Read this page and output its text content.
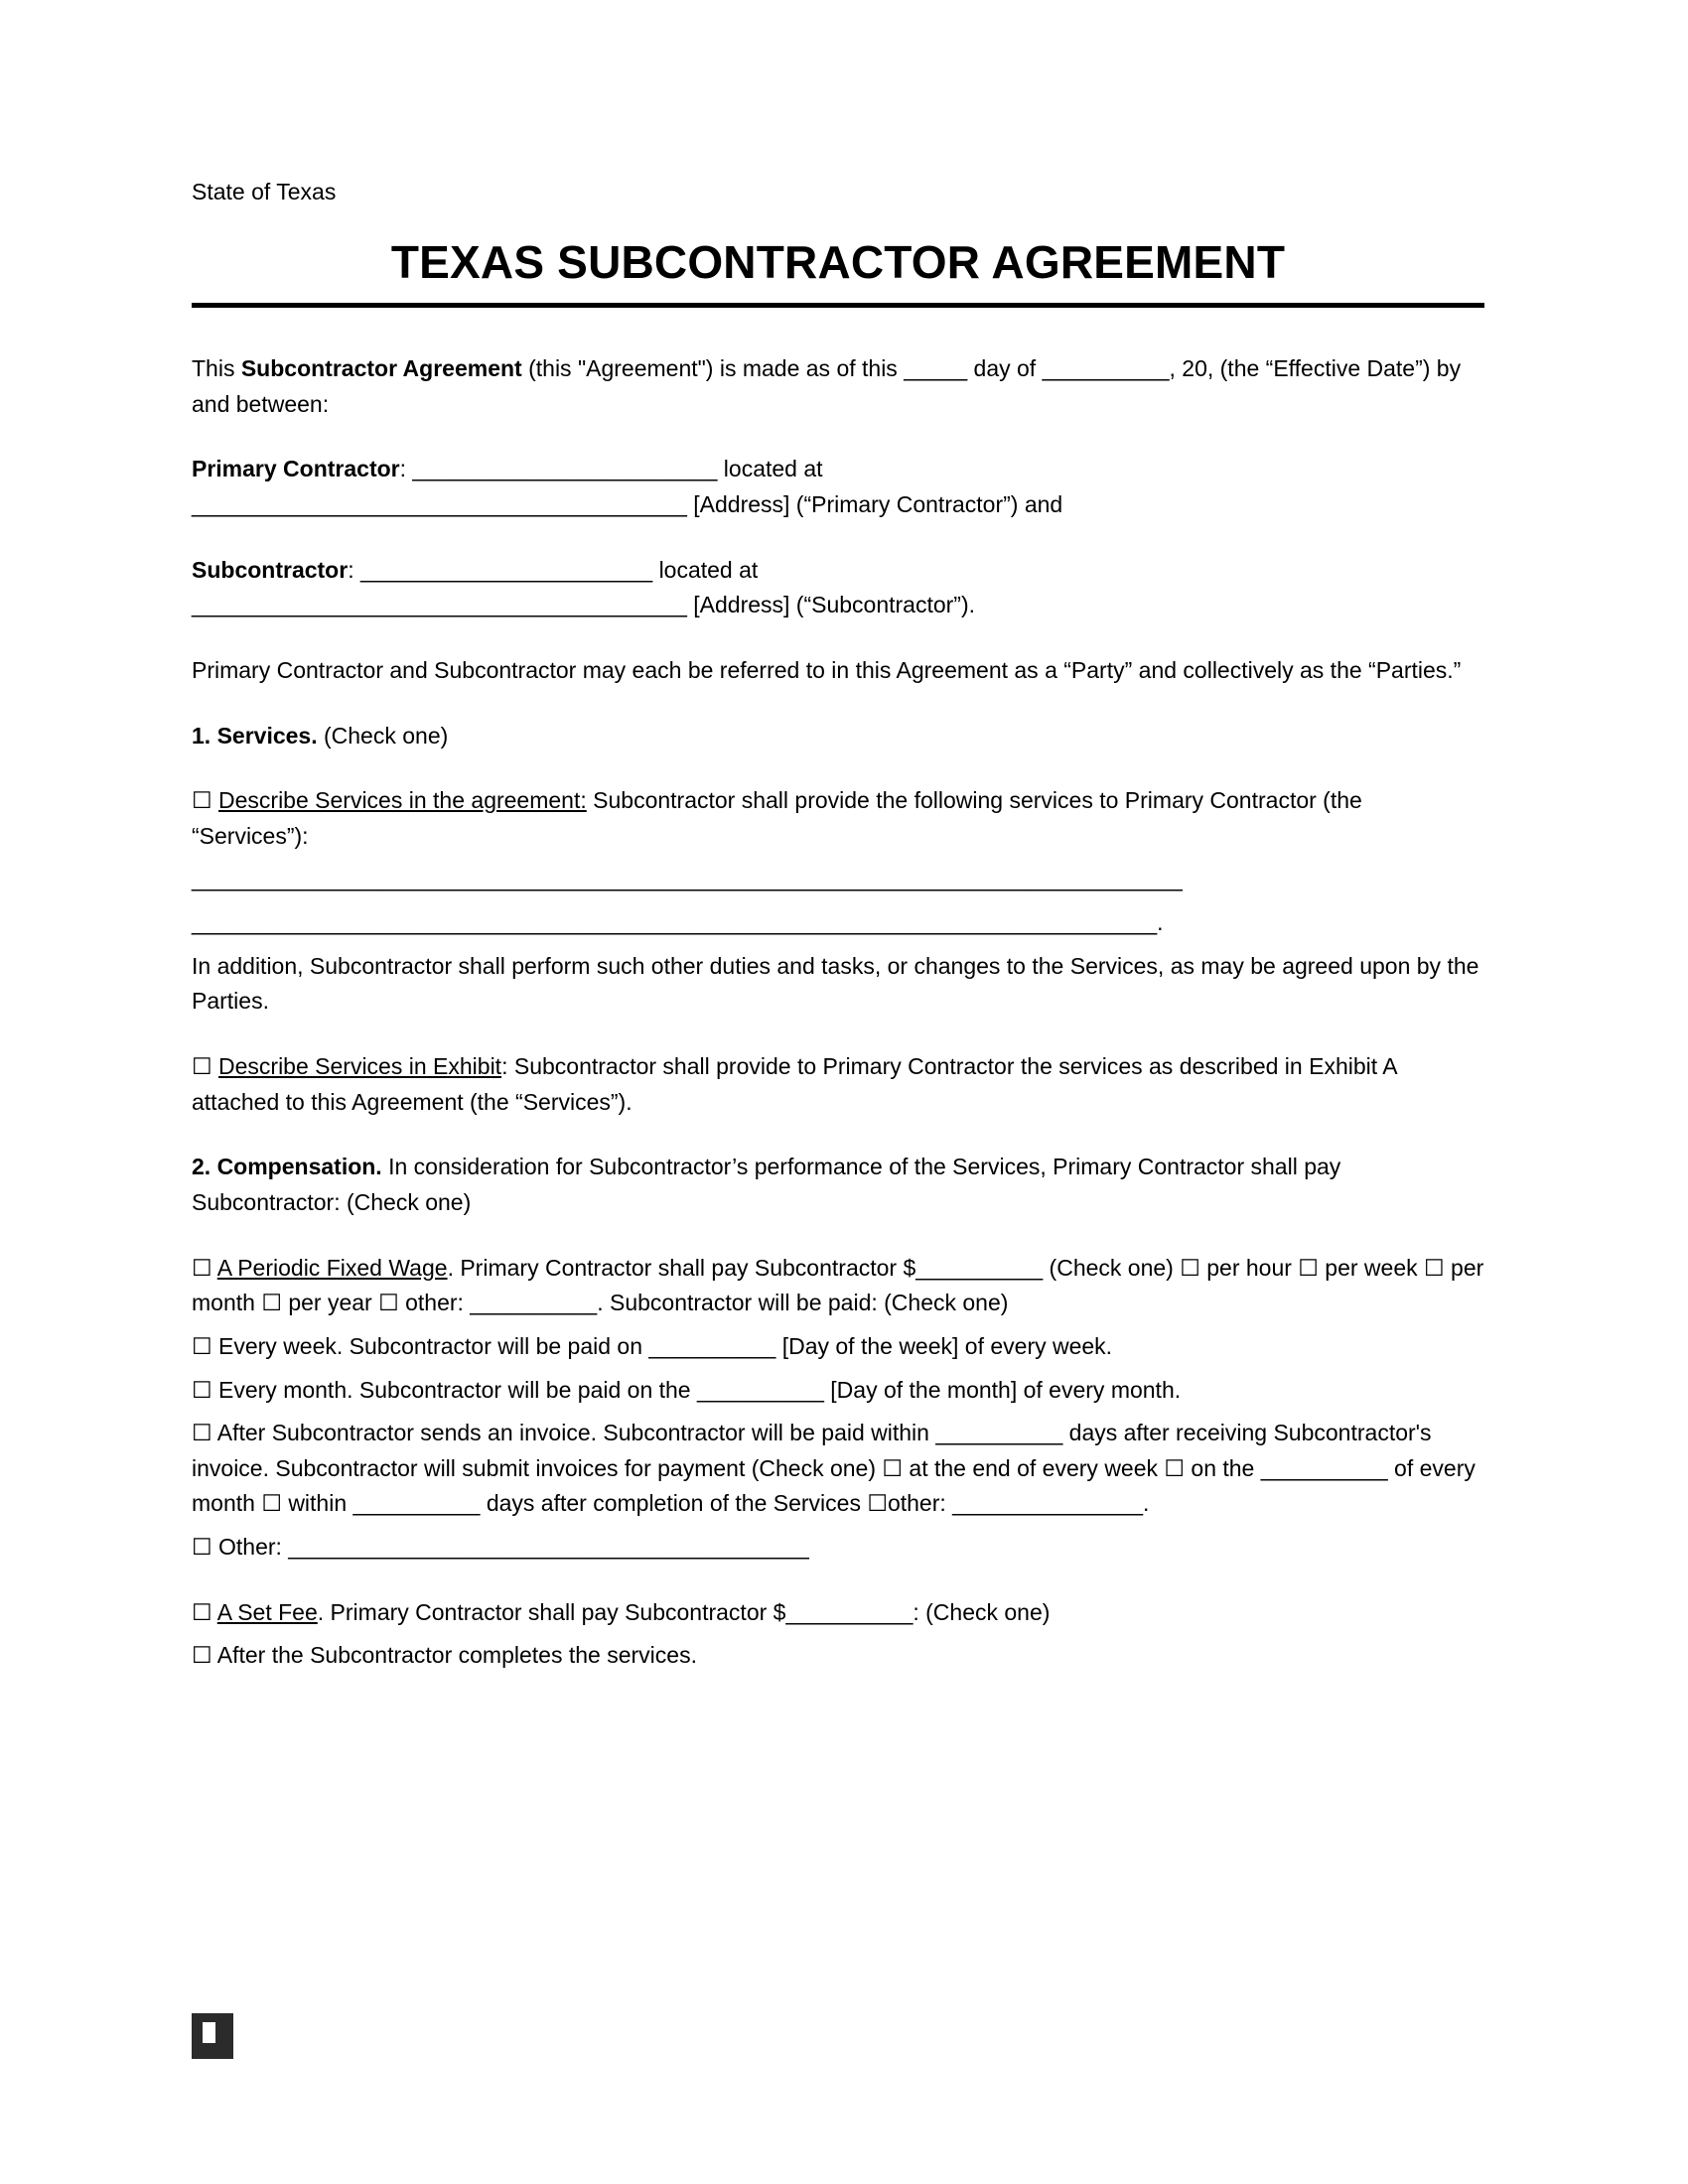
State of Texas
TEXAS SUBCONTRACTOR AGREEMENT

This Subcontractor Agreement (this "Agreement") is made as of this _____ day of __________, 20, (the “Effective Date”) by and between:

Primary Contractor: ________________________ located at
_______________________________________ [Address] (“Primary Contractor”) and

Subcontractor: _______________________ located at
_______________________________________ [Address] (“Subcontractor”).

Primary Contractor and Subcontractor may each be referred to in this Agreement as a “Party” and collectively as the “Parties.”

1. Services. (Check one)

☐ Describe Services in the agreement: Subcontractor shall provide the following services to Primary Contractor (the “Services”):

______________________________________________________________________________

____________________________________________________________________________.

In addition, Subcontractor shall perform such other duties and tasks, or changes to the Services, as may be agreed upon by the Parties.

☐ Describe Services in Exhibit: Subcontractor shall provide to Primary Contractor the services as described in Exhibit A attached to this Agreement (the “Services”).

2. Compensation. In consideration for Subcontractor’s performance of the Services, Primary Contractor shall pay Subcontractor: (Check one)

☐ A Periodic Fixed Wage. Primary Contractor shall pay Subcontractor $__________ (Check one) ☐ per hour ☐ per week ☐ per month ☐ per year ☐ other: __________. Subcontractor will be paid: (Check one)

☐ Every week. Subcontractor will be paid on __________ [Day of the week] of every week.

☐ Every month. Subcontractor will be paid on the __________ [Day of the month] of every month.

☐ After Subcontractor sends an invoice. Subcontractor will be paid within __________ days after receiving Subcontractor's invoice. Subcontractor will submit invoices for payment (Check one) ☐ at the end of every week ☐ on the __________ of every month ☐ within __________ days after completion of the Services ☐other: _______________.

☐ Other: _________________________________________

☐ A Set Fee. Primary Contractor shall pay Subcontractor $__________: (Check one)

☐ After the Subcontractor completes the services.
